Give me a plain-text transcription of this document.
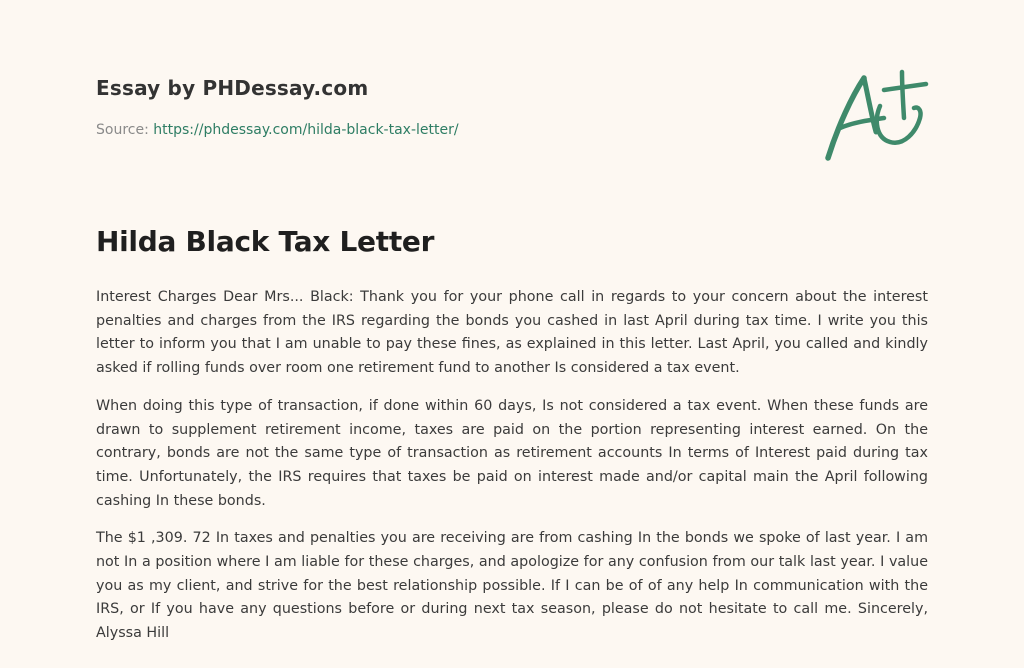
Essay by PHDessay.com
Source: https://phdessay.com/hilda-black-tax-letter/
Hilda Black Tax Letter

Interest Charges Dear Mrs... Black: Thank you for your phone call in regards to your concern about the interest penalties and charges from the IRS regarding the bonds you cashed in last April during tax time. I write you this letter to inform you that I am unable to pay these fines, as explained in this letter. Last April, you called and kindly asked if rolling funds over room one retirement fund to another Is considered a tax event.

When doing this type of transaction, if done within 60 days, Is not considered a tax event. When these funds are drawn to supplement retirement income, taxes are paid on the portion representing interest earned. On the contrary, bonds are not the same type of transaction as retirement accounts In terms of Interest paid during tax time. Unfortunately, the IRS requires that taxes be paid on interest made and/or capital main the April following cashing In these bonds.

The $1 ,309. 72 In taxes and penalties you are receiving are from cashing In the bonds we spoke of last year. I am not In a position where I am liable for these charges, and apologize for any confusion from our talk last year. I value you as my client, and strive for the best relationship possible. If I can be of of any help In communication with the IRS, or If you have any questions before or during next tax season, please do not hesitate to call me. Sincerely, Alyssa Hill
